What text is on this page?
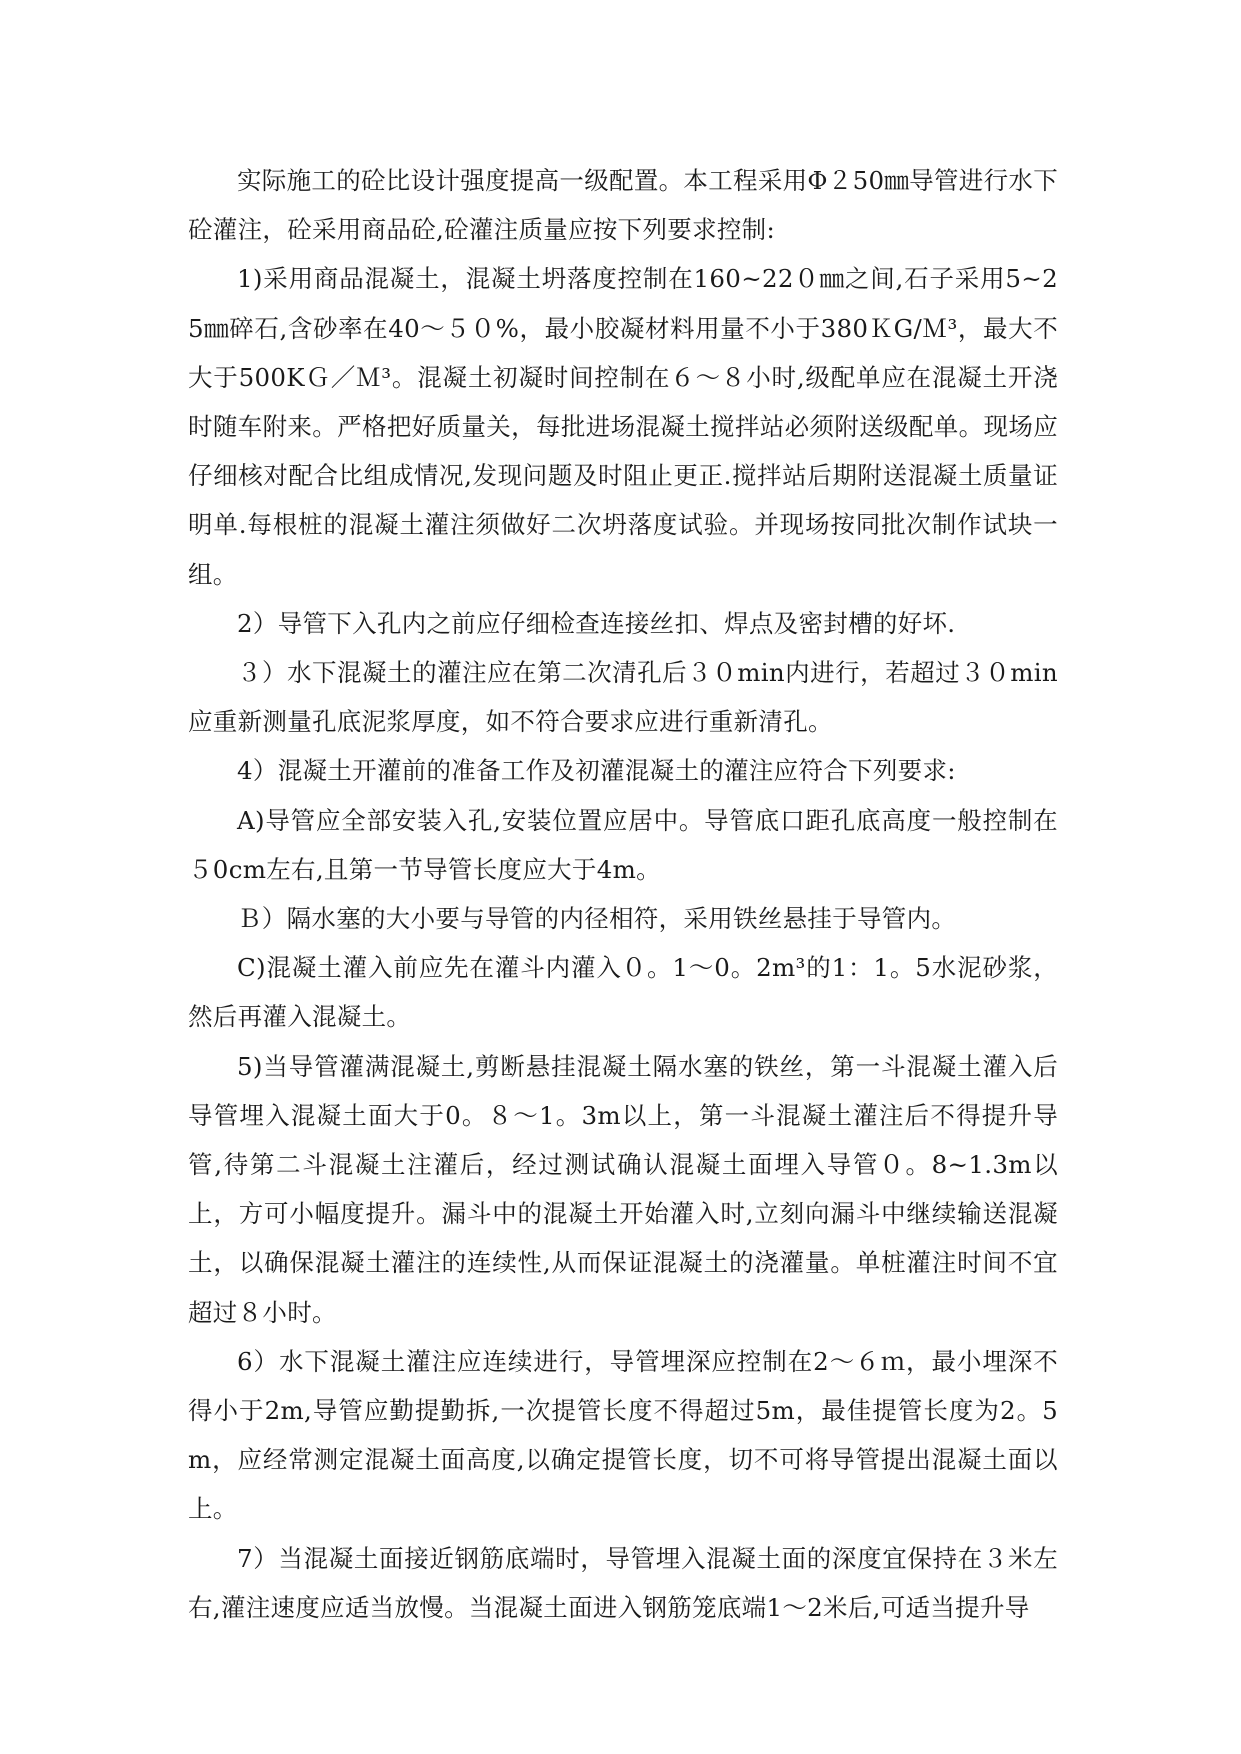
实际施工的砼比设计强度提高一级配置。本工程采用Φ２50㎜导管进行水下砼灌注，砼采用商品砼,砼灌注质量应按下列要求控制:

1)采用商品混凝土，混凝土坍落度控制在160~22０㎜之间,石子采用5~25㎜碎石,含砂率在40～５０%，最小胶凝材料用量不小于380ＫG/Ｍ³，最大不大于500KＧ／Ｍ³。混凝土初凝时间控制在６～８小时,级配单应在混凝土开浇时随车附来。严格把好质量关，每批进场混凝土搅拌站必须附送级配单。现场应仔细核对配合比组成情况,发现问题及时阻止更正.搅拌站后期附送混凝土质量证明单.每根桩的混凝土灌注须做好二次坍落度试验。并现场按同批次制作试块一组。

2）导管下入孔内之前应仔细检查连接丝扣、焊点及密封槽的好坏.

３）水下混凝土的灌注应在第二次清孔后３０min内进行，若超过３０min应重新测量孔底泥浆厚度，如不符合要求应进行重新清孔。

4）混凝土开灌前的准备工作及初灌混凝土的灌注应符合下列要求:

A)导管应全部安装入孔,安装位置应居中。导管底口距孔底高度一般控制在５0cm左右,且第一节导管长度应大于4m。

Ｂ）隔水塞的大小要与导管的内径相符，采用铁丝悬挂于导管内。

C)混凝土灌入前应先在灌斗内灌入０。1～0。2m³的1：1。5水泥砂浆，然后再灌入混凝土。

5)当导管灌满混凝土,剪断悬挂混凝土隔水塞的铁丝，第一斗混凝土灌入后导管埋入混凝土面大于0。８～1。3m以上，第一斗混凝土灌注后不得提升导管,待第二斗混凝土注灌后，经过测试确认混凝土面埋入导管０。8~1.3m以上，方可小幅度提升。漏斗中的混凝土开始灌入时,立刻向漏斗中继续输送混凝土，以确保混凝土灌注的连续性,从而保证混凝土的浇灌量。单桩灌注时间不宜超过８小时。

6）水下混凝土灌注应连续进行，导管埋深应控制在2～６ｍ，最小埋深不得小于2m,导管应勤提勤拆,一次提管长度不得超过5m，最佳提管长度为2。5m，应经常测定混凝土面高度,以确定提管长度，切不可将导管提出混凝土面以上。

7）当混凝土面接近钢筋底端时，导管埋入混凝土面的深度宜保持在３米左右,灌注速度应适当放慢。当混凝土面进入钢筋笼底端1～2米后,可适当提升导
